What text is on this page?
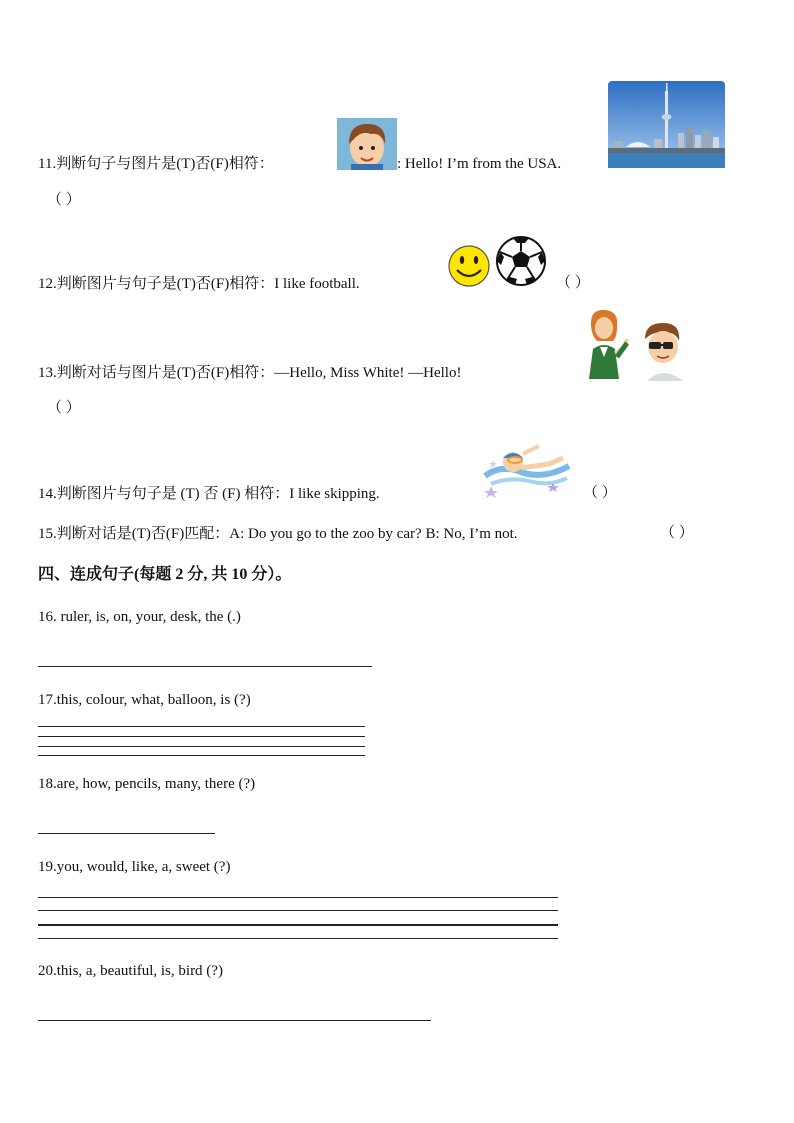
11.判断句子与图片是(T)否(F)相符：	: Hello! I’m from the USA.
（ ）
12.判断图片与句子是(T)否(F)相符：I like football.	（ ）
13.判断对话与图片是(T)否(F)相符：—Hello, Miss White! —Hello!
（ ）
14.判断图片与句子是 (T) 否 (F) 相符：I like skipping.	（ ）
15.判断对话是(T)否(F)匹配：A: Do you go to the zoo by car? B: No, I’m not.	（ ）
四、连成句子(每题 2 分, 共 10 分）。
16. ruler, is, on, your, desk, the (.)
17.this, colour, what, balloon, is (?)
18.are, how, pencils, many, there (?)
19.you, would, like, a, sweet (?)
20.this, a, beautiful, is, bird (?)
